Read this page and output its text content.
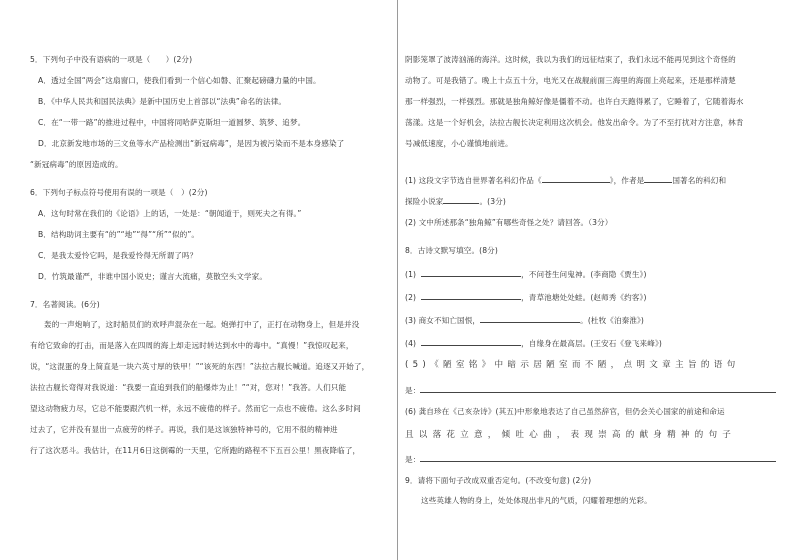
5．下列句子中没有语病的一项是（　　）(2分)
A．透过全国“两会”这扇窗口，使我们看到一个信心如磐、汇聚起磅礴力量的中国。
B．《中华人民共和国民法典》是新中国历史上首部以“法典”命名的法律。
C．在“一带一路”的推进过程中，中国将同哈萨克斯坦一道圆梦、筑梦、追梦。
D．北京新发地市场的三文鱼等水产品检测出“新冠病毒”，是因为被污染而不是本身感染了
“新冠病毒”的原因造成的。
6．下列句子标点符号使用有误的一项是（　）(2分)
A．这句时常在我们的《论语》上的话，一处是：“朝闻道于，则死夫之有得。”
B．结构助词主要有“的”“地”“得”“所”“似的”。
C．是我太爱怜它吗，是我爱怜得无所谓了吗？
D．竹筑最谨严，非谁中国小说史；谨言大流痛，莫散空头文学家。
7．名著阅读。(6分)
轰的一声炮响了，这时船员们的欢呼声混杂在一起。炮弹打中了，正打在动物身上，但是并没
有给它致命的打击，而是落入在四周的海上却走远时转达到水中的毒中。“真慢！”我惊叹起来，
说，“这混蛋的身上简直是一块六英寸厚的铁甲！”“该死的东西！”法拉古舰长喊道。追逐又开始了，
法拉古舰长弯得对我说道：“我要一直追到我们的船爆炸为止！”“对，您对！”我答。人们只能
望这动物疲力尽，它总不能要跟汽机一样，永远不疲倦的样子。然而它一点也不疲倦。这么多时间
过去了，它并没有显出一点疲劳的样子。再说，我们是这该独特神号的，它用不很的精神进
行了这次恶斗。我估计，在11月6日这倒霉的一天里，它所跑的路程不下五百公里！黑夜降临了，
阴影笼罩了波涛汹涌的海洋。这时候，我以为我们的远征结束了，我们永远不能再见到这个奇怪的
动物了。可是我错了。晚上十点五十分，电光又在战舰前面三海里的海面上亮起来，还是那样清楚
那一样强烈，一样强烈。那就是独角鲸好像是僵着不动。也许白天跑得累了，它睡着了，它随着海水
荡漾。这是一个好机会，法拉古舰长决定利用这次机会。他发出命令。为了不至打扰对方注意，林肯
号减低速度，小心谨慎地前进。
(1) 这段文字节选自世界著名科幻作品《	》，作者是	国著名的科幻和
探险小说家	。(3分)
(2) 文中所述那条“独角鲸”有哪些奇怪之处？请回答。（3分）
8．古诗文默写填空。(8分)
(1)	，不问苍生问鬼神。(李商隐《贾生》)
(2)	，青草池塘处处蛙。(赵师秀《约客》)
(3) 商女不知亡国恨，	。(杜牧《泊秦淮》)
(4)	，自缘身在最高层。(王安石《登飞来峰》)
(5)《陋室铭》中暗示居陋室而不陋，点明文章主旨的语句
是：
(6) 龚自珍在《己亥杂诗》(其五)中形象地表达了自己虽然辞官，但仍会关心国家的前途和命运
且以落花立意，倾吐心曲，表现崇高的献身精神的句子
是：
9．请将下面句子改成双重否定句。(不改变句意) (2分)
这些英雄人物的身上，处处体现出非凡的气质，闪耀着理想的光彩。
